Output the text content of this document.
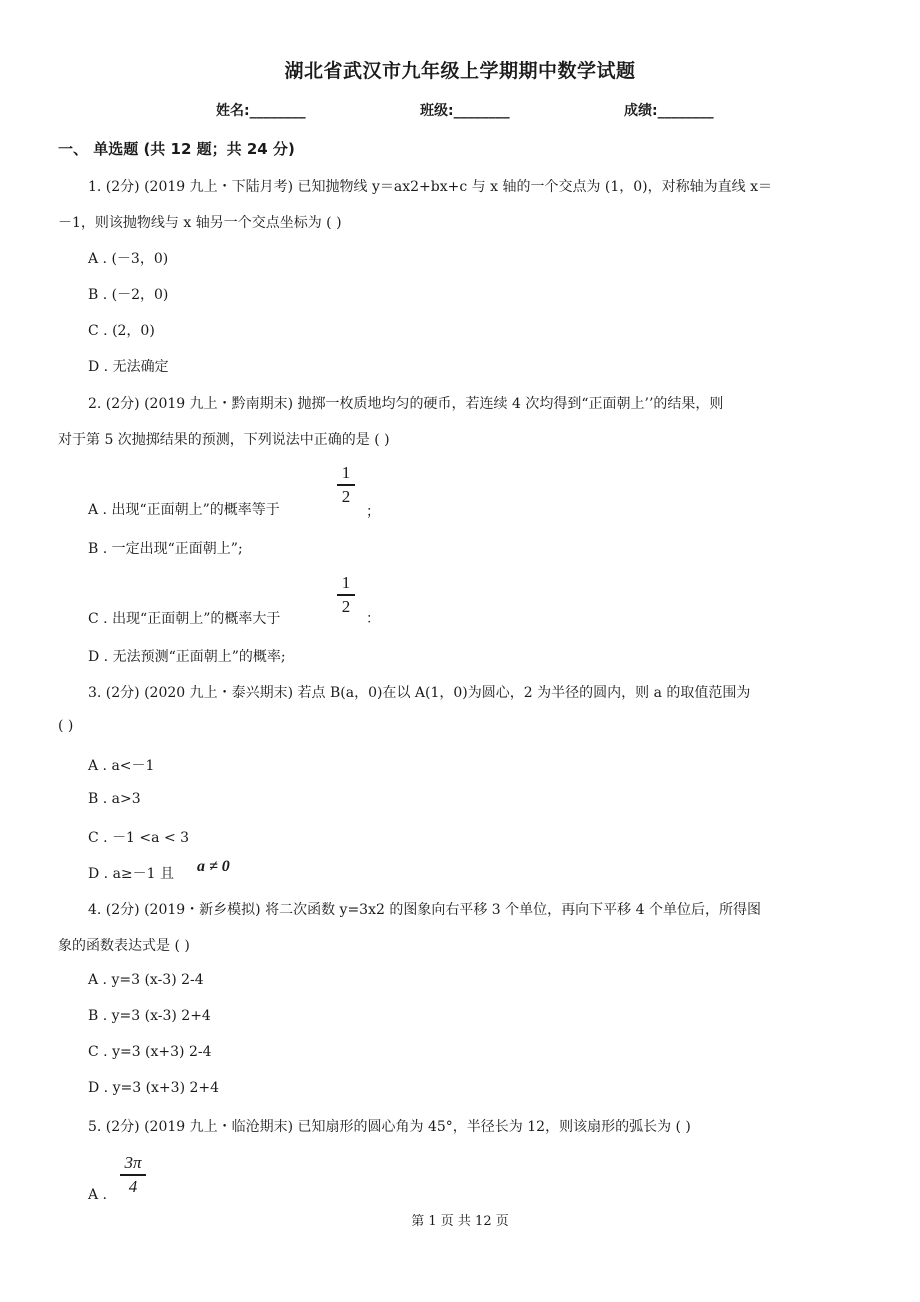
湖北省武汉市九年级上学期期中数学试题
姓名:________	班级:________	成绩:________
一、 单选题 (共 12 题；共 24 分)
1. (2分) (2019 九上・下陆月考) 已知抛物线 y＝ax2+bx+c 与 x 轴的一个交点为 (1，0)，对称轴为直线 x＝
－1，则该抛物线与 x 轴另一个交点坐标为 ( )
A . (－3，0)
B . (－2，0)
C . (2，0)
D . 无法确定
2. (2分) (2019 九上・黔南期末) 抛掷一枚质地均匀的硬币，若连续 4 次均得到“正面朝上’’的结果，则
对于第 5 次抛掷结果的预测，下列说法中正确的是 ( )
A . 出现“正面朝上”的概率等于
1
2
；
B . 一定出现“正面朝上”;
C . 出现“正面朝上”的概率大于
1
2
：
D . 无法预测“正面朝上”的概率;
3. (2分) (2020 九上・泰兴期末) 若点 B(a，0)在以 A(1，0)为圆心，2 为半径的圆内，则 a 的取值范围为
( )
A . a<－1
B . a>3
C . －1 <a < 3
D . a≥－1 且 a ≠ 0
4. (2分) (2019・新乡模拟) 将二次函数 y=3x2 的图象向右平移 3 个单位，再向下平移 4 个单位后，所得图
象的函数表达式是 ( )
A . y=3 (x-3) 2-4
B . y=3 (x-3) 2+4
C . y=3 (x+3) 2-4
D . y=3 (x+3) 2+4
5. (2分) (2019 九上・临沧期末) 已知扇形的圆心角为 45°，半径长为 12，则该扇形的弧长为 ( )
3π
4
A .
第 1 页 共 12 页
